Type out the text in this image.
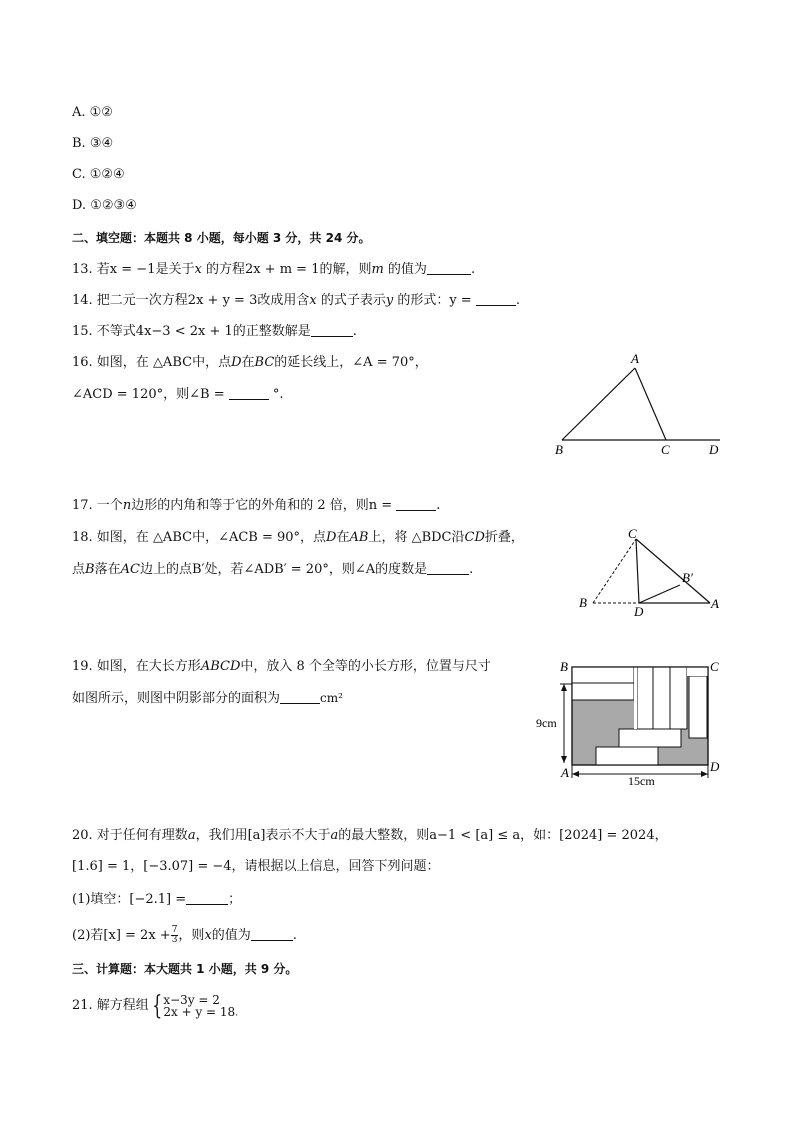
A. ①②
B. ③④
C. ①②④
D. ①②③④
二、填空题：本题共 8 小题，每小题 3 分，共 24 分。
13. 若x = −1是关于x 的方程2x + m = 1的解，则m 的值为	.
14. 把二元一次方程2x + y = 3改成用含x 的式子表示y 的形式：y =	.
15. 不等式4x−3 < 2x + 1的正整数解是	.
16. 如图，在 △ABC中，点D在BC的延长线上，∠A = 70°，
∠ACD = 120°，则∠B =	°.
A
B	C	D
17. 一个n边形的内角和等于它的外角和的 2 倍，则n =	.
18. 如图，在 △ABC中，∠ACB = 90°，点D在AB上，将 △BDC沿CD折叠，
点B落在AC边上的点B′处，若∠ADB′ = 20°，则∠A的度数是	.
C
B
D
A
B′
19. 如图，在大长方形ABCD中，放入 8 个全等的小长方形，位置与尺寸
如图所示，则图中阴影部分的面积为	cm²
B	C
A	D
9cm
15cm
20. 对于任何有理数a，我们用[a]表示不大于a的最大整数，则a−1 < [a] ≤ a，如：[2024] = 2024，
[1.6] = 1，[−3.07] = −4，请根据以上信息，回答下列问题：
(1)填空：[−2.1] =	；
(2)若$[x] = 2x + \frac{7}{3}$ ，则x的值为	.
三、计算题：本大题共 1 小题，共 9 分。
21. 解方程组 { x−3y = 2
2x + y = 18 $_.$
